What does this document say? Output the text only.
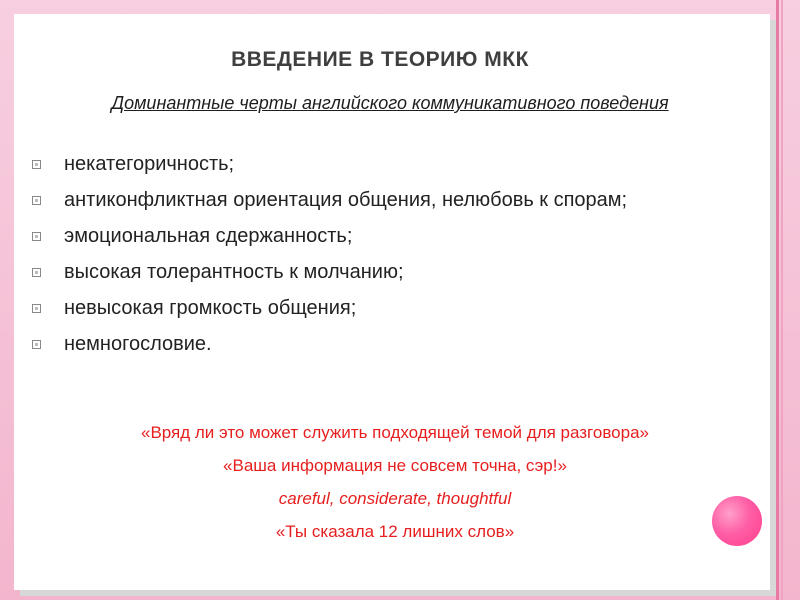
ВВЕДЕНИЕ В ТЕОРИЮ МКК
Доминантные черты английского коммуникативного поведения
некатегоричность;
антиконфликтная ориентация общения, нелюбовь к спорам;
эмоциональная сдержанность;
высокая толерантность к молчанию;
невысокая громкость общения;
немногословие.
«Вряд ли это может служить подходящей темой для разговора»
«Ваша информация не совсем точна, сэр!»
careful, considerate, thoughtful
«Ты сказала 12 лишних слов»
